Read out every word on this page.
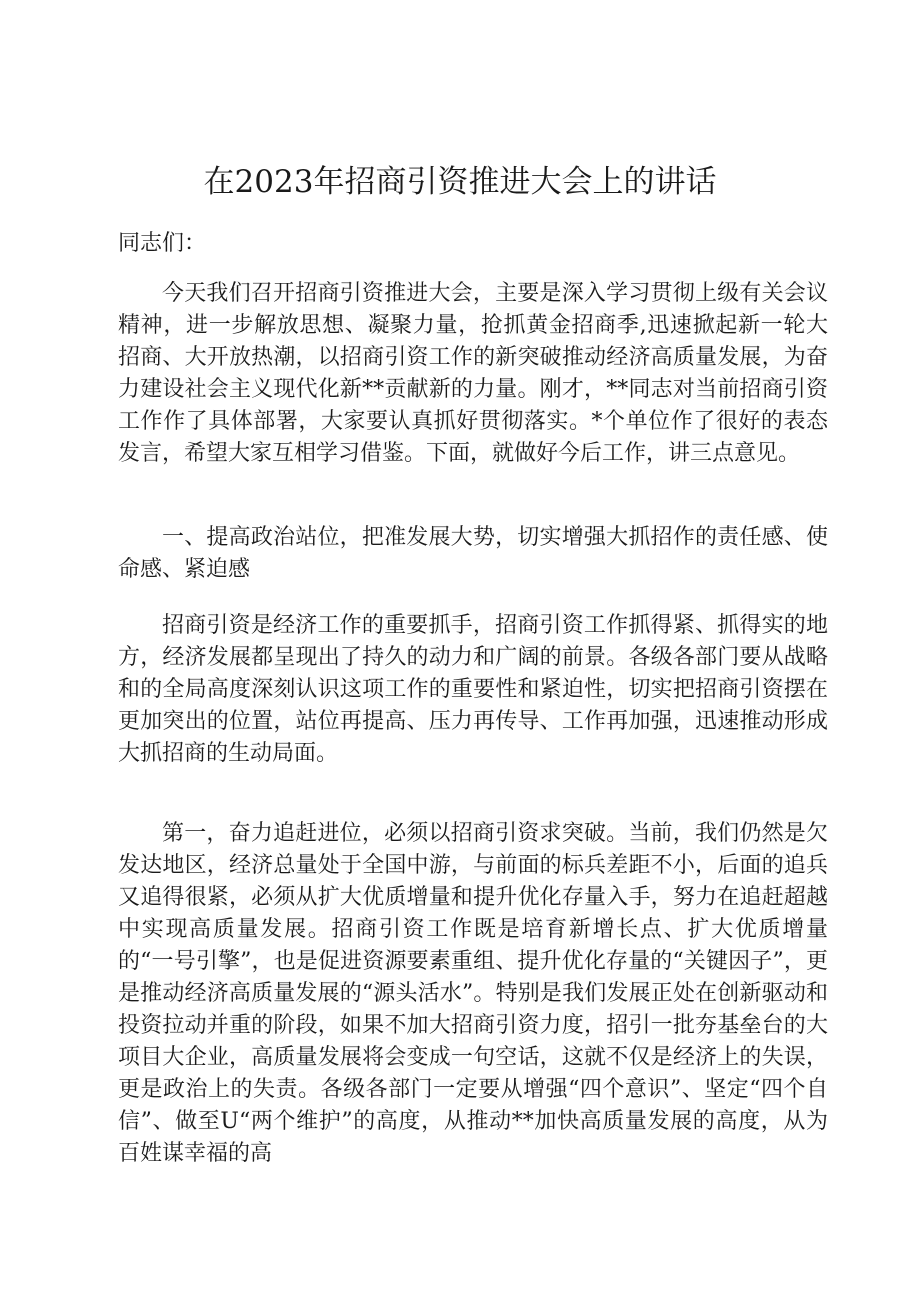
在2023年招商引资推进大会上的讲话
同志们：

今天我们召开招商引资推进大会，主要是深入学习贯彻上级有关会议精神，进一步解放思想、凝聚力量，抢抓黄金招商季,迅速掀起新一轮大招商、大开放热潮，以招商引资工作的新突破推动经济高质量发展，为奋力建设社会主义现代化新**贡献新的力量。刚才，**同志对当前招商引资工作作了具体部署，大家要认真抓好贯彻落实。*个单位作了很好的表态发言，希望大家互相学习借鉴。下面，就做好今后工作，讲三点意见。

一、提高政治站位，把准发展大势，切实增强大抓招作的责任感、使命感、紧迫感

招商引资是经济工作的重要抓手，招商引资工作抓得紧、抓得实的地方，经济发展都呈现出了持久的动力和广阔的前景。各级各部门要从战略和的全局高度深刻认识这项工作的重要性和紧迫性，切实把招商引资摆在更加突出的位置，站位再提高、压力再传导、工作再加强，迅速推动形成大抓招商的生动局面。

第一，奋力追赶进位，必须以招商引资求突破。当前，我们仍然是欠发达地区，经济总量处于全国中游，与前面的标兵差距不小，后面的追兵又追得很紧，必须从扩大优质增量和提升优化存量入手，努力在追赶超越中实现高质量发展。招商引资工作既是培育新增长点、扩大优质增量的“一号引擎”，也是促进资源要素重组、提升优化存量的“关键因子”，更是推动经济高质量发展的“源头活水”。特别是我们发展正处在创新驱动和投资拉动并重的阶段，如果不加大招商引资力度，招引一批夯基垒台的大项目大企业，高质量发展将会变成一句空话，这就不仅是经济上的失误，更是政治上的失责。各级各部门一定要从增强“四个意识”、坚定“四个自信”、做至U“两个维护”的高度，从推动**加快高质量发展的高度，从为百姓谋幸福的高
